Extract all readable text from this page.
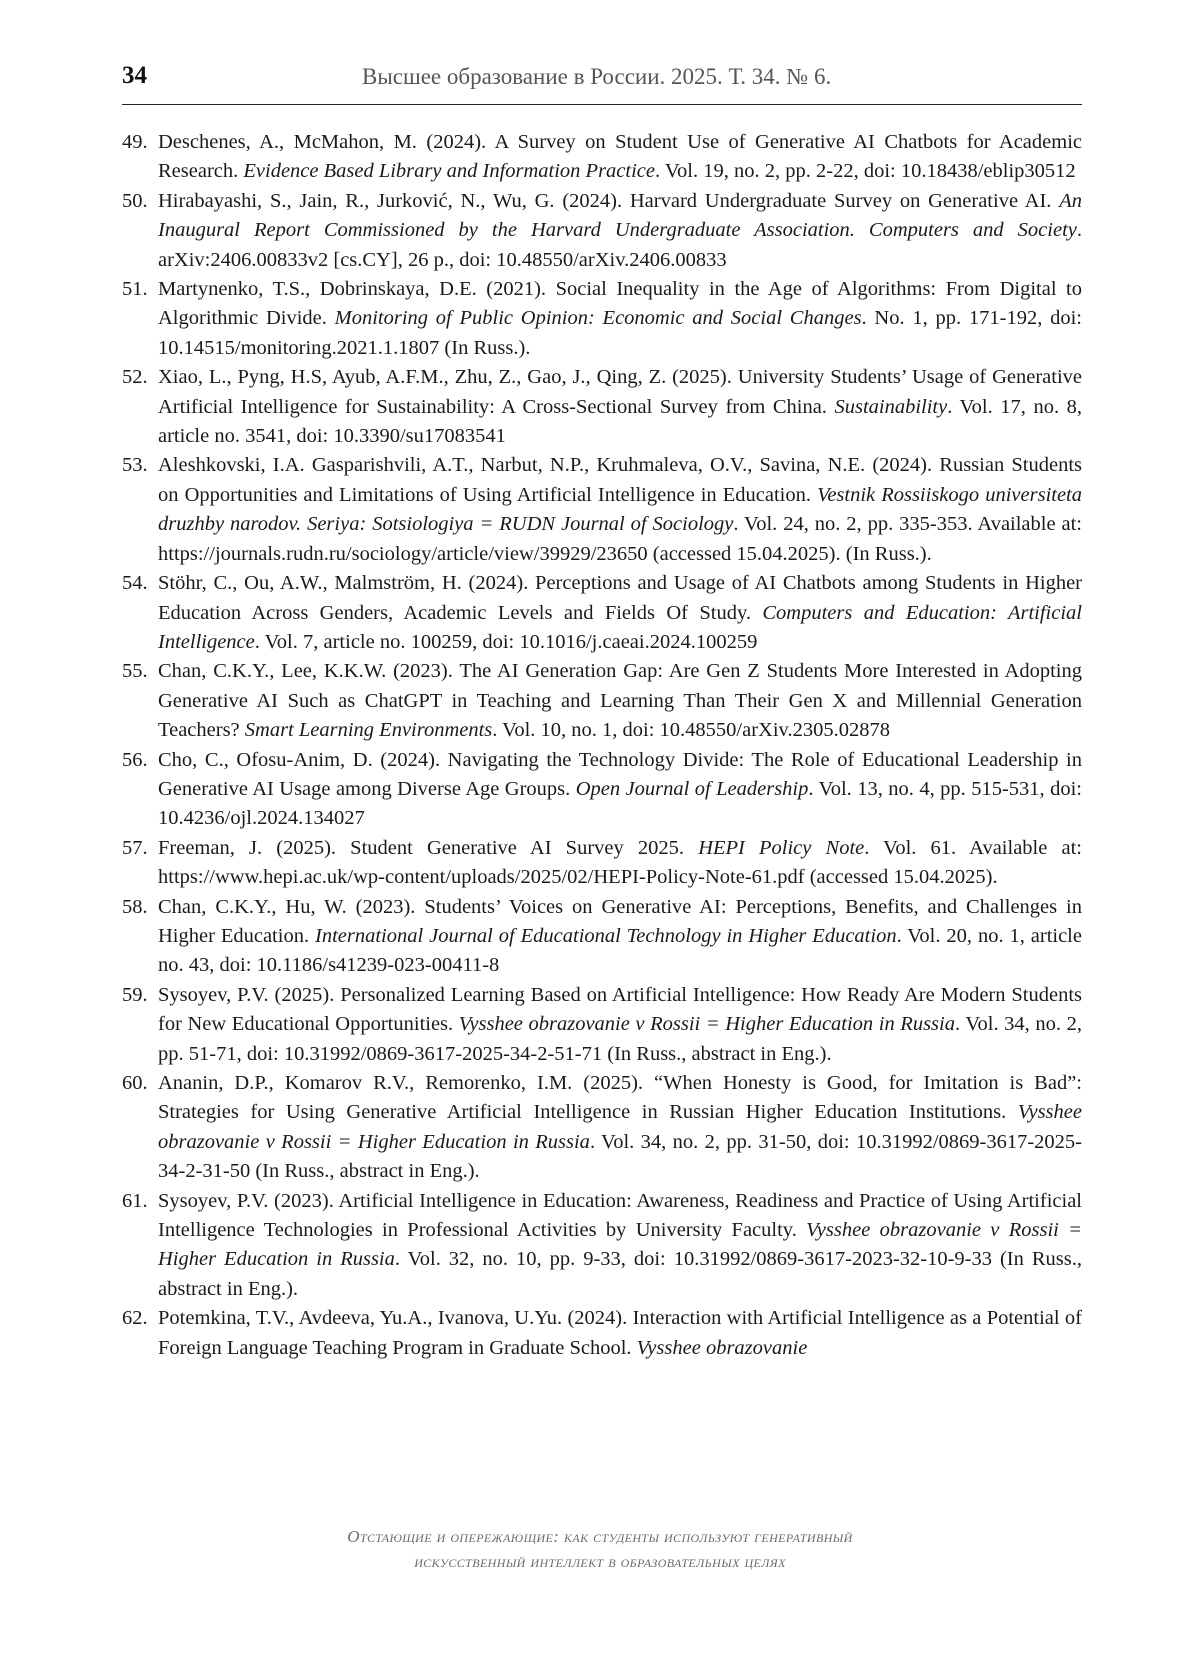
34	Высшее образование в России. 2025. Т. 34. № 6.
49. Deschenes, A., McMahon, M. (2024). A Survey on Student Use of Generative AI Chatbots for Academic Research. Evidence Based Library and Information Practice. Vol. 19, no. 2, pp. 2-22, doi: 10.18438/eblip30512
50. Hirabayashi, S., Jain, R., Jurković, N., Wu, G. (2024). Harvard Undergraduate Survey on Generative AI. An Inaugural Report Commissioned by the Harvard Undergraduate Association. Computers and Society. arXiv:2406.00833v2 [cs.CY], 26 p., doi: 10.48550/arXiv.2406.00833
51. Martynenko, T.S., Dobrinskaya, D.E. (2021). Social Inequality in the Age of Algorithms: From Digital to Algorithmic Divide. Monitoring of Public Opinion: Economic and Social Changes. No. 1, pp. 171-192, doi: 10.14515/monitoring.2021.1.1807 (In Russ.).
52. Xiao, L., Pyng, H.S, Ayub, A.F.M., Zhu, Z., Gao, J., Qing, Z. (2025). University Students’ Usage of Generative Artificial Intelligence for Sustainability: A Cross-Sectional Survey from China. Sustainability. Vol. 17, no. 8, article no. 3541, doi: 10.3390/su17083541
53. Aleshkovski, I.A. Gasparishvili, A.T., Narbut, N.P., Kruhmaleva, O.V., Savina, N.E. (2024). Russian Students on Opportunities and Limitations of Using Artificial Intelligence in Education. Vestnik Rossiiskogo universiteta druzhby narodov. Seriya: Sotsiologiya = RUDN Journal of Sociology. Vol. 24, no. 2, pp. 335-353. Available at: https://journals.rudn.ru/sociology/article/view/39929/23650 (accessed 15.04.2025). (In Russ.).
54. Stöhr, C., Ou, A.W., Malmström, H. (2024). Perceptions and Usage of AI Chatbots among Students in Higher Education Across Genders, Academic Levels and Fields Of Study. Computers and Education: Artificial Intelligence. Vol. 7, article no. 100259, doi: 10.1016/j.caeai.2024.100259
55. Chan, C.K.Y., Lee, K.K.W. (2023). The AI Generation Gap: Are Gen Z Students More Interested in Adopting Generative AI Such as ChatGPT in Teaching and Learning Than Their Gen X and Millennial Generation Teachers? Smart Learning Environments. Vol. 10, no. 1, doi: 10.48550/arXiv.2305.02878
56. Cho, C., Ofosu-Anim, D. (2024). Navigating the Technology Divide: The Role of Educational Leadership in Generative AI Usage among Diverse Age Groups. Open Journal of Leadership. Vol. 13, no. 4, pp. 515-531, doi: 10.4236/ojl.2024.134027
57. Freeman, J. (2025). Student Generative AI Survey 2025. HEPI Policy Note. Vol. 61. Available at: https://www.hepi.ac.uk/wp-content/uploads/2025/02/HEPI-Policy-Note-61.pdf (accessed 15.04.2025).
58. Chan, C.K.Y., Hu, W. (2023). Students’ Voices on Generative AI: Perceptions, Benefits, and Challenges in Higher Education. International Journal of Educational Technology in Higher Education. Vol. 20, no. 1, article no. 43, doi: 10.1186/s41239-023-00411-8
59. Sysoyev, P.V. (2025). Personalized Learning Based on Artificial Intelligence: How Ready Are Modern Students for New Educational Opportunities. Vysshee obrazovanie v Rossii = Higher Education in Russia. Vol. 34, no. 2, pp. 51-71, doi: 10.31992/0869-3617-2025-34-2-51-71 (In Russ., abstract in Eng.).
60. Ananin, D.P., Komarov R.V., Remorenko, I.M. (2025). “When Honesty is Good, for Imitation is Bad”: Strategies for Using Generative Artificial Intelligence in Russian Higher Education Institutions. Vysshee obrazovanie v Rossii = Higher Education in Russia. Vol. 34, no. 2, pp. 31-50, doi: 10.31992/0869-3617-2025-34-2-31-50 (In Russ., abstract in Eng.).
61. Sysoyev, P.V. (2023). Artificial Intelligence in Education: Awareness, Readiness and Practice of Using Artificial Intelligence Technologies in Professional Activities by University Faculty. Vysshee obrazovanie v Rossii = Higher Education in Russia. Vol. 32, no. 10, pp. 9-33, doi: 10.31992/0869-3617-2023-32-10-9-33 (In Russ., abstract in Eng.).
62. Potemkina, T.V., Avdeeva, Yu.A., Ivanova, U.Yu. (2024). Interaction with Artificial Intelligence as a Potential of Foreign Language Teaching Program in Graduate School. Vysshee obrazovanie
Отстающие и опережающие: как студенты используют генеративный
искусственный интеллект в образовательных целях
